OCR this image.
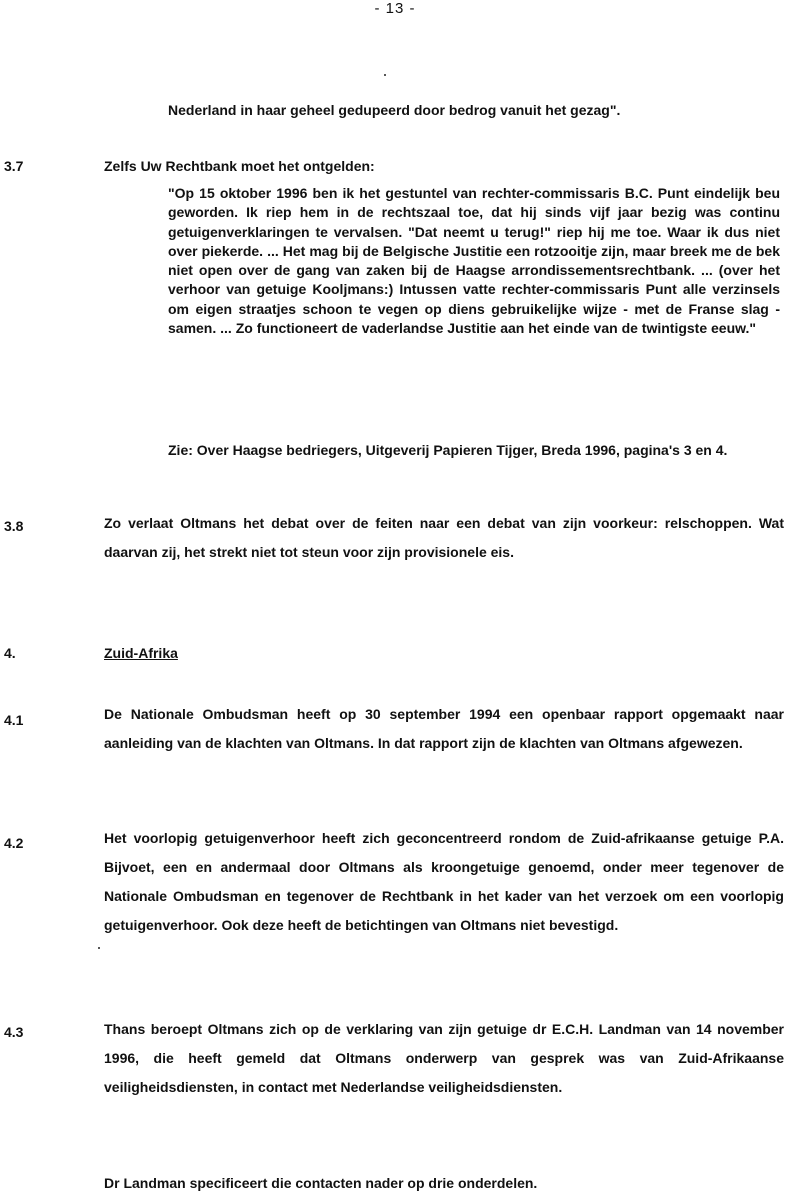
- 13 -
Nederland in haar geheel gedupeerd door bedrog vanuit het gezag".
3.7	Zelfs Uw Rechtbank moet het ontgelden:
"Op 15 oktober 1996 ben ik het gestuntel van rechter-commissaris B.C. Punt eindelijk beu geworden. Ik riep hem in de rechtszaal toe, dat hij sinds vijf jaar bezig was continu getuigenverklaringen te vervalsen. "Dat neemt u terug!" riep hij me toe. Waar ik dus niet over piekerde. ... Het mag bij de Belgische Justitie een rotzooitje zijn, maar breek me de bek niet open over de gang van zaken bij de Haagse arrondissementsrechtbank. ... (over het verhoor van getuige Kooljmans:) Intussen vatte rechter-commissaris Punt alle verzinsels om eigen straatjes schoon te vegen op diens gebruikelijke wijze - met de Franse slag - samen. ... Zo functioneert de vaderlandse Justitie aan het einde van de twintigste eeuw."
Zie: Over Haagse bedriegers, Uitgeverij Papieren Tijger, Breda 1996, pagina's 3 en 4.
3.8	Zo verlaat Oltmans het debat over de feiten naar een debat van zijn voorkeur: relschoppen. Wat daarvan zij, het strekt niet tot steun voor zijn provisionele eis.
4.	Zuid-Afrika
4.1	De Nationale Ombudsman heeft op 30 september 1994 een openbaar rapport opgemaakt naar aanleiding van de klachten van Oltmans. In dat rapport zijn de klachten van Oltmans afgewezen.
4.2	Het voorlopig getuigenverhoor heeft zich geconcentreerd rondom de Zuid-afrikaanse getuige P.A. Bijvoet, een en andermaal door Oltmans als kroongetuige genoemd, onder meer tegenover de Nationale Ombudsman en tegenover de Rechtbank in het kader van het verzoek om een voorlopig getuigenverhoor. Ook deze heeft de betichtingen van Oltmans niet bevestigd.
4.3	Thans beroept Oltmans zich op de verklaring van zijn getuige dr E.C.H. Landman van 14 november 1996, die heeft gemeld dat Oltmans onderwerp van gesprek was van Zuid-Afrikaanse veiligheidsdiensten, in contact met Nederlandse veiligheidsdiensten.
Dr Landman specificeert die contacten nader op drie onderdelen.
